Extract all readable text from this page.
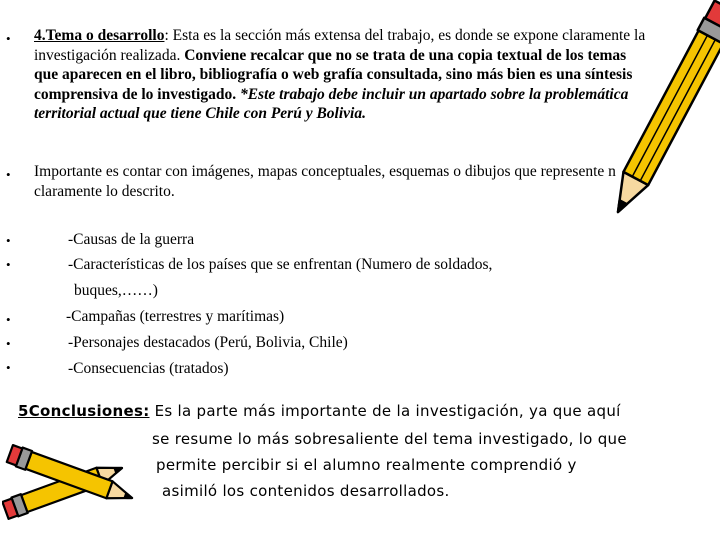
•
•
•
•
•
•
•

4.Tema o desarrollo: Esta es la sección más extensa del trabajo, es donde se expone claramente la investigación realizada. Conviene recalcar que no se trata de una copia textual de los temas que aparecen en el libro, bibliografía o web grafía consultada, sino más bien es una síntesis comprensiva de lo investigado. *Este trabajo debe incluir un apartado sobre la problemática territorial actual que tiene Chile con Perú y Bolivia.

Importante es contar con imágenes, mapas conceptuales, esquemas o dibujos que represente n claramente lo descrito.

-Causas de la guerra
-Características de los países que se enfrentan (Numero de soldados,
buques,……)
-Campañas (terrestres y marítimas)
-Personajes destacados (Perú, Bolivia, Chile)
-Consecuencias (tratados)
5Conclusiones: Es la parte más importante de la investigación, ya que aquí
se resume lo más sobresaliente del tema investigado, lo que
permite percibir si el alumno realmente comprendió y
asimiló los contenidos desarrollados.
